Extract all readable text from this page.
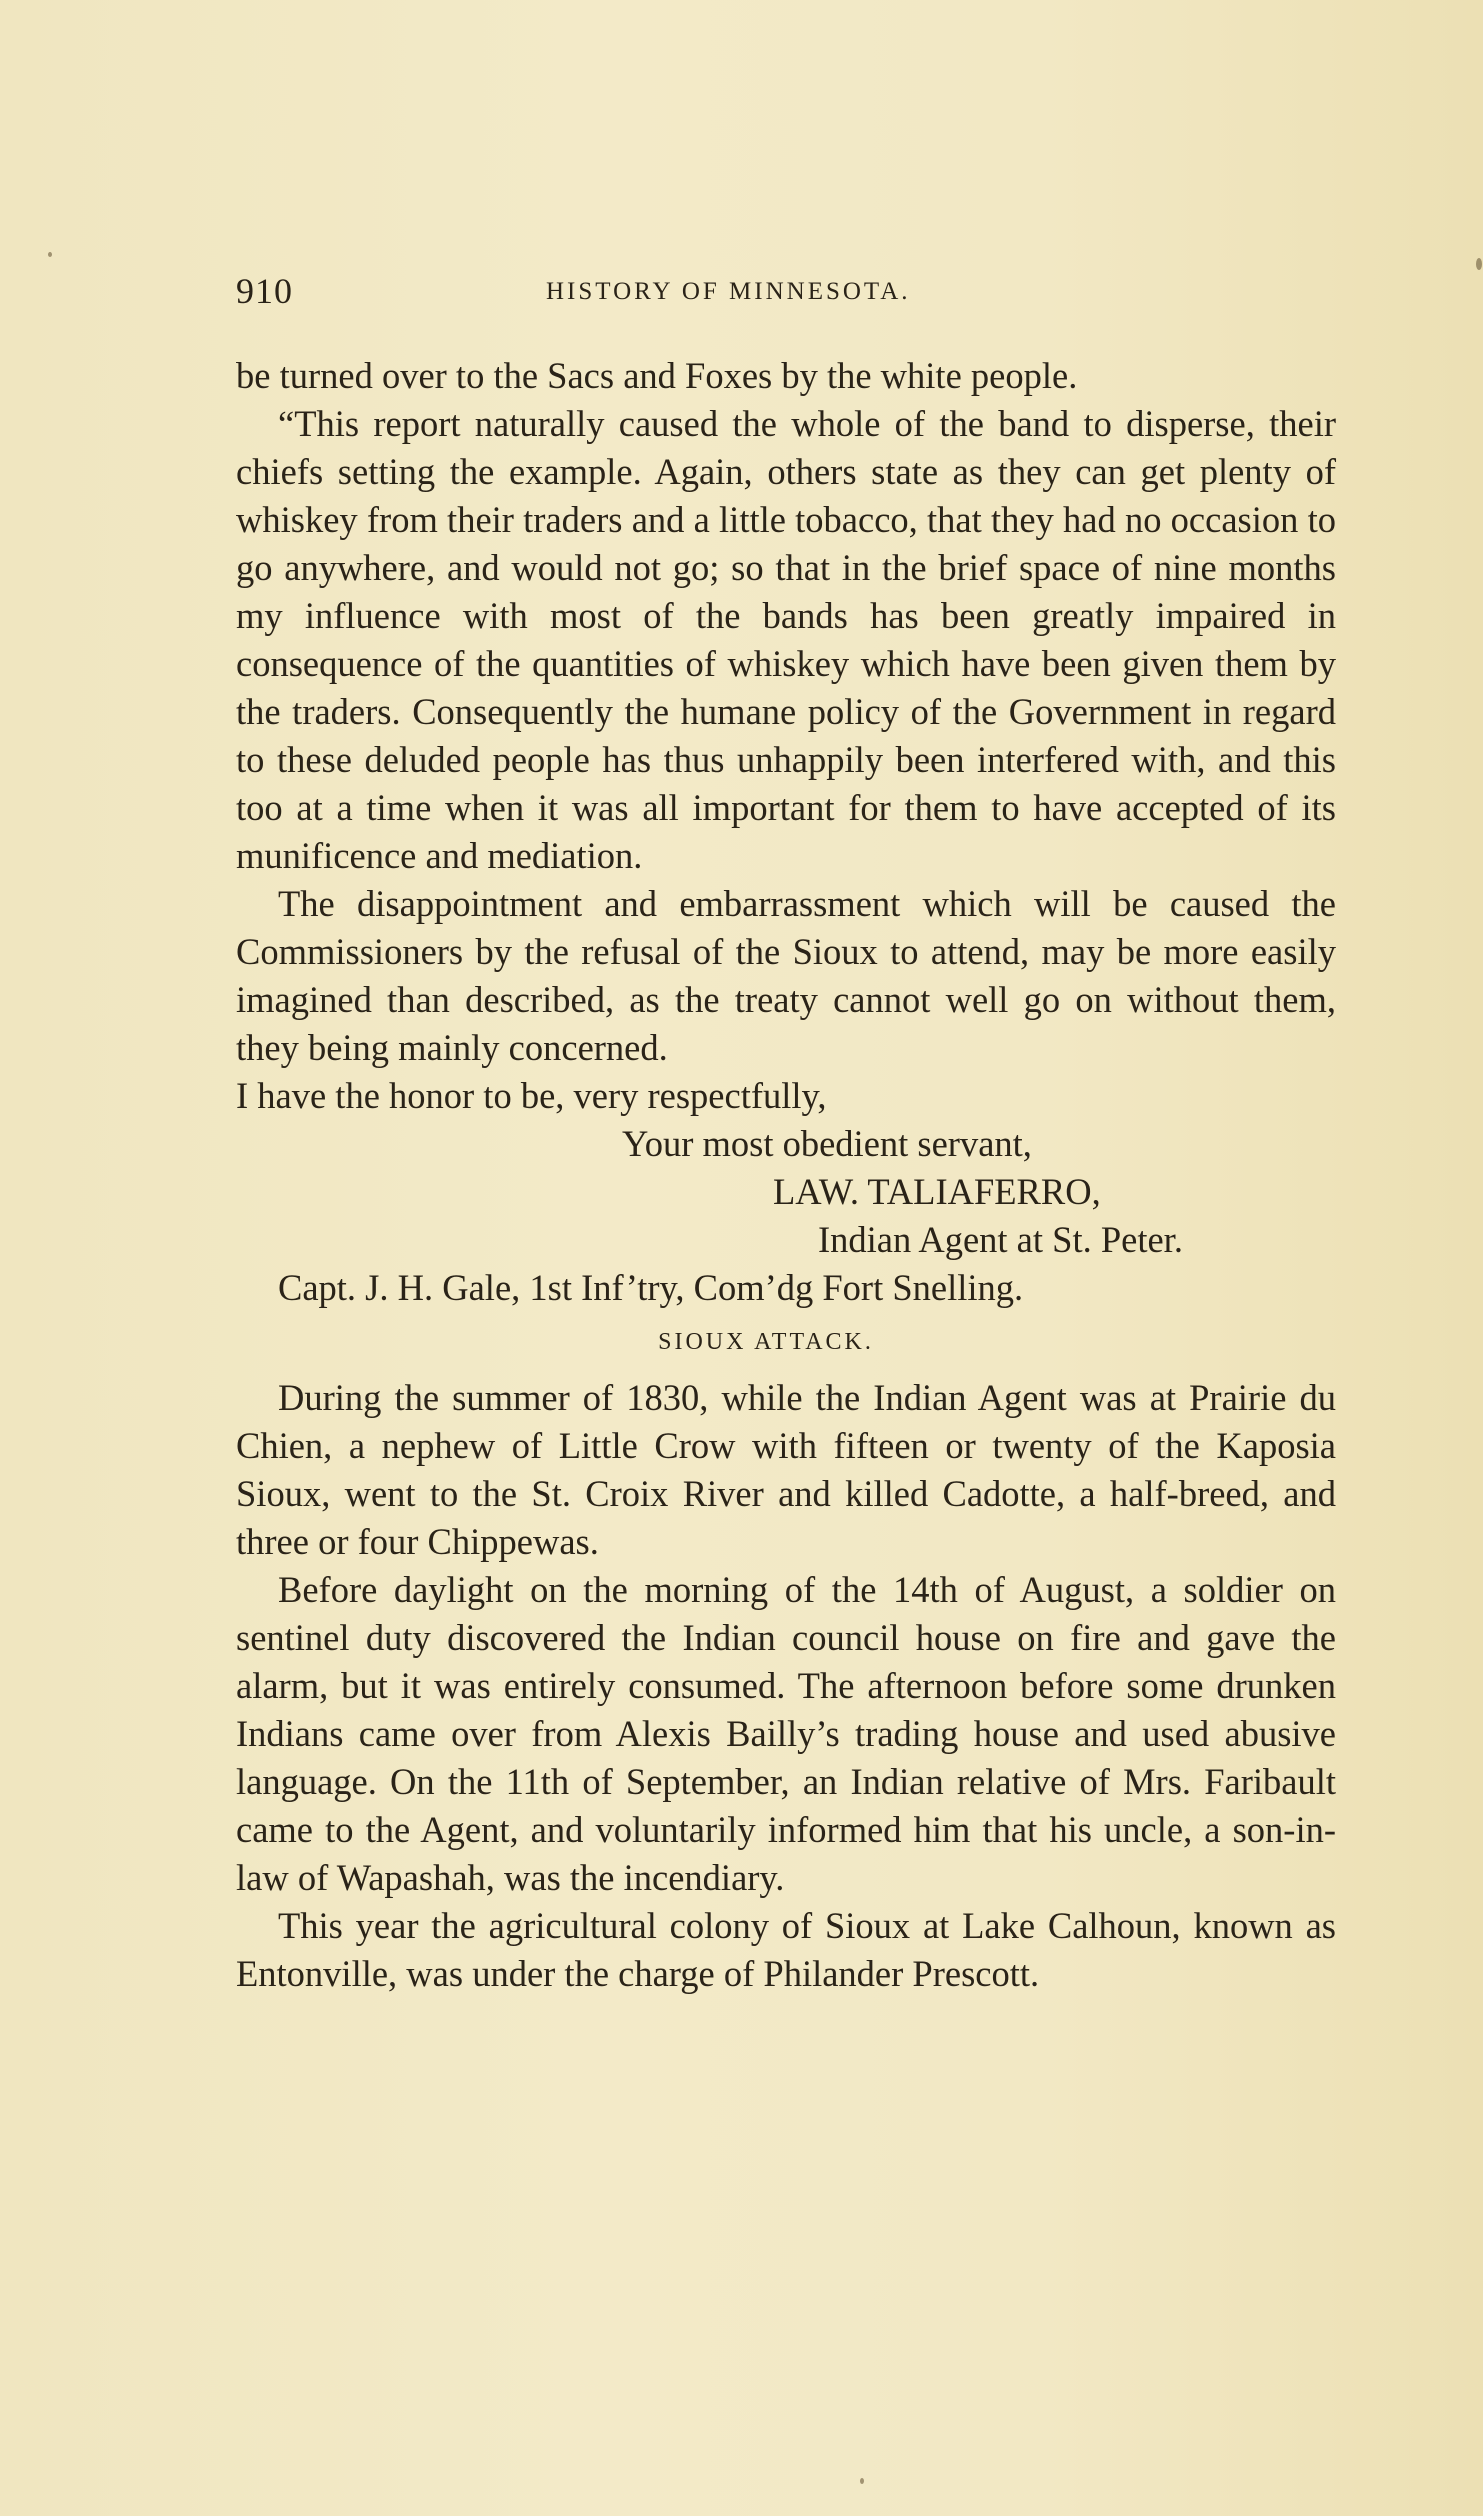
910	HISTORY OF MINNESOTA.

be turned over to the Sacs and Foxes by the white people.

“This report naturally caused the whole of the band to disperse, their chiefs setting the example. Again, others state as they can get plenty of whiskey from their traders and a little tobacco, that they had no occasion to go anywhere, and would not go; so that in the brief space of nine months my influence with most of the bands has been greatly impaired in consequence of the quantities of whiskey which have been given them by the traders. Consequently the humane policy of the Government in regard to these deluded people has thus unhappily been interfered with, and this too at a time when it was all important for them to have accepted of its munificence and mediation.

The disappointment and embarrassment which will be caused the Commissioners by the refusal of the Sioux to attend, may be more easily imagined than described, as the treaty cannot well go on without them, they being mainly concerned.

I have the honor to be, very respectfully,

Your most obedient servant,

LAW. TALIAFERRO,

Indian Agent at St. Peter.

Capt. J. H. Gale, 1st Inf’try, Com’dg Fort Snelling.

SIOUX ATTACK.

During the summer of 1830, while the Indian Agent was at Prairie du Chien, a nephew of Little Crow with fifteen or twenty of the Kaposia Sioux, went to the St. Croix River and killed Cadotte, a half-breed, and three or four Chippewas.

Before daylight on the morning of the 14th of August, a soldier on sentinel duty discovered the Indian council house on fire and gave the alarm, but it was entirely consumed. The afternoon before some drunken Indians came over from Alexis Bailly’s trading house and used abusive language. On the 11th of September, an Indian relative of Mrs. Faribault came to the Agent, and voluntarily informed him that his uncle, a son-in-law of Wapashah, was the incendiary.

This year the agricultural colony of Sioux at Lake Calhoun, known as Entonville, was under the charge of Philander Prescott.
